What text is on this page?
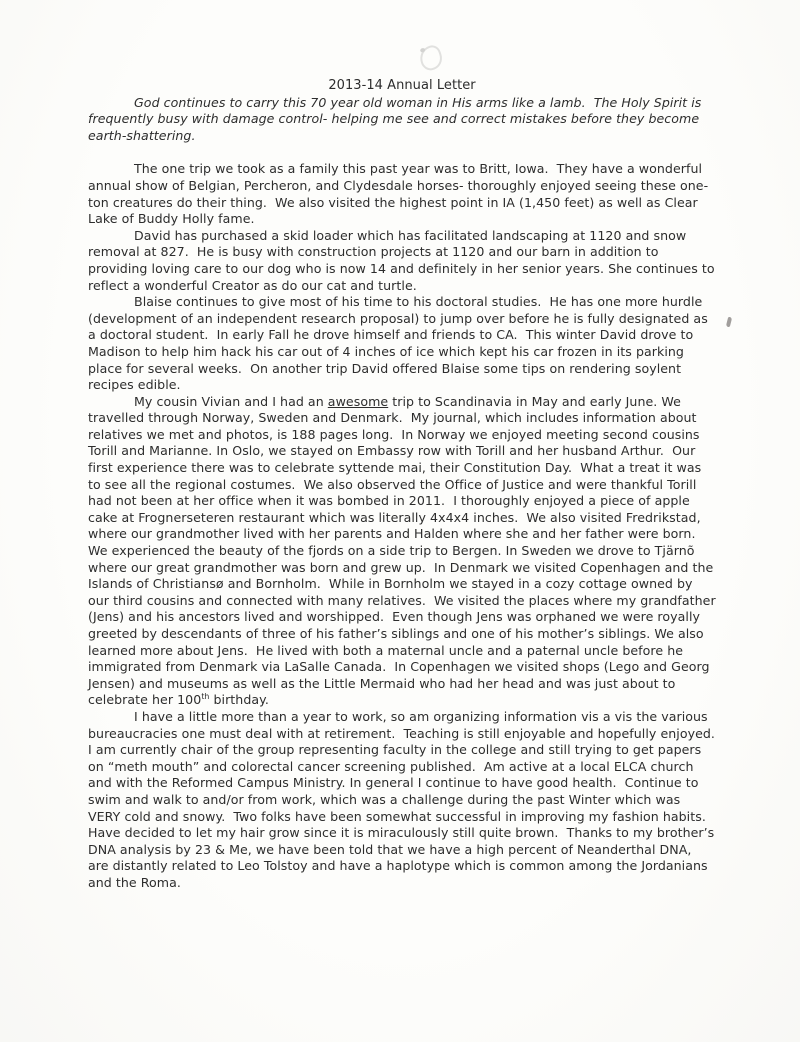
2013-14 Annual Letter

God continues to carry this 70 year old woman in His arms like a lamb.  The Holy Spirit is frequently busy with damage control- helping me see and correct mistakes before they become earth-shattering.

The one trip we took as a family this past year was to Britt, Iowa.  They have a wonderful annual show of Belgian, Percheron, and Clydesdale horses- thoroughly enjoyed seeing these one-ton creatures do their thing.  We also visited the highest point in IA (1,450 feet) as well as Clear Lake of Buddy Holly fame.

David has purchased a skid loader which has facilitated landscaping at 1120 and snow removal at 827.  He is busy with construction projects at 1120 and our barn in addition to providing loving care to our dog who is now 14 and definitely in her senior years. She continues to reflect a wonderful Creator as do our cat and turtle.

Blaise continues to give most of his time to his doctoral studies.  He has one more hurdle (development of an independent research proposal) to jump over before he is fully designated as a doctoral student.  In early Fall he drove himself and friends to CA.  This winter David drove to Madison to help him hack his car out of 4 inches of ice which kept his car frozen in its parking place for several weeks.  On another trip David offered Blaise some tips on rendering soylent recipes edible.

My cousin Vivian and I had an awesome trip to Scandinavia in May and early June. We travelled through Norway, Sweden and Denmark.  My journal, which includes information about relatives we met and photos, is 188 pages long.  In Norway we enjoyed meeting second cousins Torill and Marianne. In Oslo, we stayed on Embassy row with Torill and her husband Arthur.  Our first experience there was to celebrate syttende mai, their Constitution Day.  What a treat it was to see all the regional costumes.  We also observed the Office of Justice and were thankful Torill had not been at her office when it was bombed in 2011.  I thoroughly enjoyed a piece of apple cake at Frognerseteren restaurant which was literally 4x4x4 inches.  We also visited Fredrikstad, where our grandmother lived with her parents and Halden where she and her father were born.  We experienced the beauty of the fjords on a side trip to Bergen. In Sweden we drove to Tjärnõ where our great grandmother was born and grew up.  In Denmark we visited Copenhagen and the Islands of Christiansø and Bornholm.  While in Bornholm we stayed in a cozy cottage owned by our third cousins and connected with many relatives.  We visited the places where my grandfather (Jens) and his ancestors lived and worshipped.  Even though Jens was orphaned we were royally greeted by descendants of three of his father’s siblings and one of his mother’s siblings. We also learned more about Jens.  He lived with both a maternal uncle and a paternal uncle before he immigrated from Denmark via LaSalle Canada.  In Copenhagen we visited shops (Lego and Georg Jensen) and museums as well as the Little Mermaid who had her head and was just about to celebrate her 100th birthday.

I have a little more than a year to work, so am organizing information vis a vis the various bureaucracies one must deal with at retirement.  Teaching is still enjoyable and hopefully enjoyed.  I am currently chair of the group representing faculty in the college and still trying to get papers on “meth mouth” and colorectal cancer screening published.  Am active at a local ELCA church and with the Reformed Campus Ministry. In general I continue to have good health.  Continue to swim and walk to and/or from work, which was a challenge during the past Winter which was VERY cold and snowy.  Two folks have been somewhat successful in improving my fashion habits.  Have decided to let my hair grow since it is miraculously still quite brown.  Thanks to my brother’s DNA analysis by 23 & Me, we have been told that we have a high percent of Neanderthal DNA, are distantly related to Leo Tolstoy and have a haplotype which is common among the Jordanians and the Roma.
